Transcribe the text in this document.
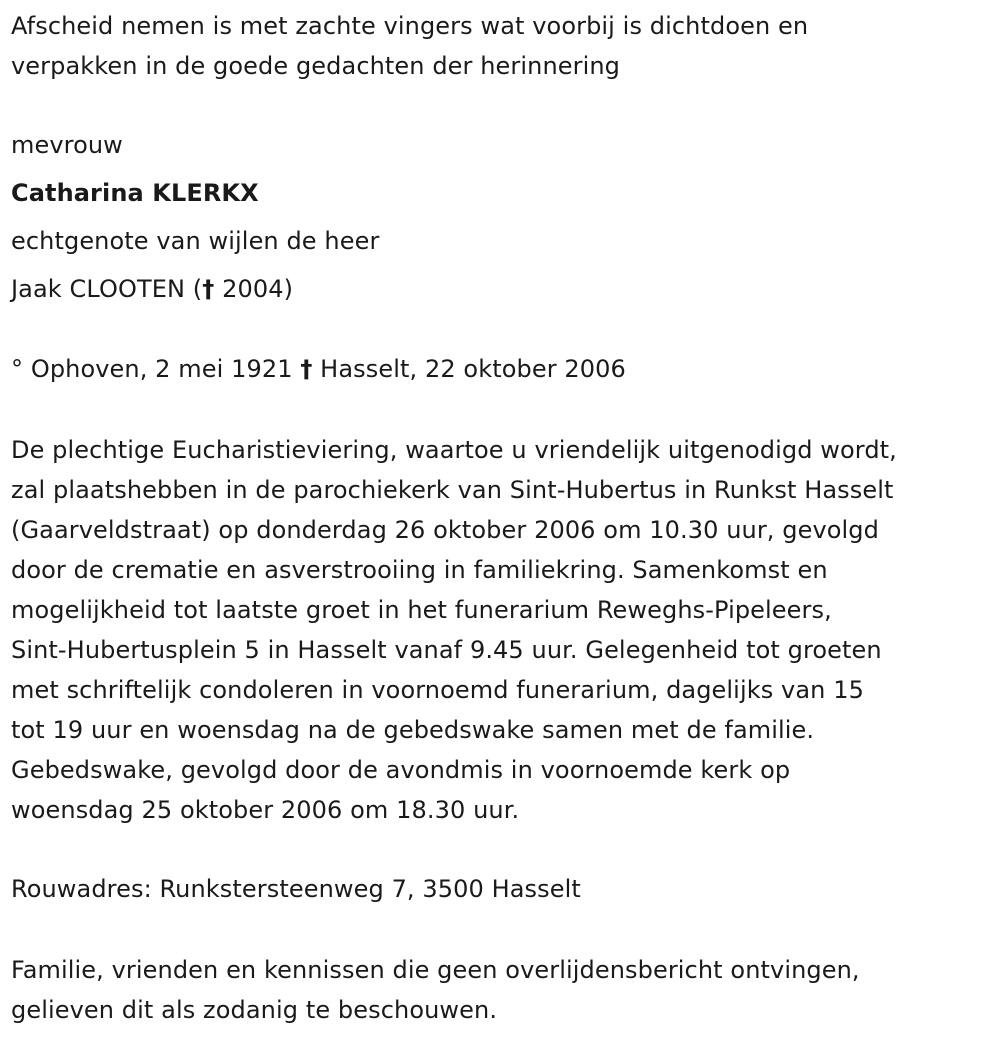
Afscheid nemen is met zachte vingers wat voorbij is dichtdoen en
verpakken in de goede gedachten der herinnering

mevrouw

Catharina KLERKX

echtgenote van wijlen de heer

Jaak CLOOTEN († 2004)

° Ophoven, 2 mei 1921 † Hasselt, 22 oktober 2006

De plechtige Eucharistieviering, waartoe u vriendelijk uitgenodigd wordt,
zal plaatshebben in de parochiekerk van Sint-Hubertus in Runkst Hasselt
(Gaarveldstraat) op donderdag 26 oktober 2006 om 10.30 uur, gevolgd
door de crematie en asverstrooiing in familiekring. Samenkomst en
mogelijkheid tot laatste groet in het funerarium Reweghs-Pipeleers,
Sint-Hubertusplein 5 in Hasselt vanaf 9.45 uur. Gelegenheid tot groeten
met schriftelijk condoleren in voornoemd funerarium, dagelijks van 15
tot 19 uur en woensdag na de gebedswake samen met de familie.
Gebedswake, gevolgd door de avondmis in voornoemde kerk op
woensdag 25 oktober 2006 om 18.30 uur.

Rouwadres: Runkstersteenweg 7, 3500 Hasselt

Familie, vrienden en kennissen die geen overlijdensbericht ontvingen,
gelieven dit als zodanig te beschouwen.
